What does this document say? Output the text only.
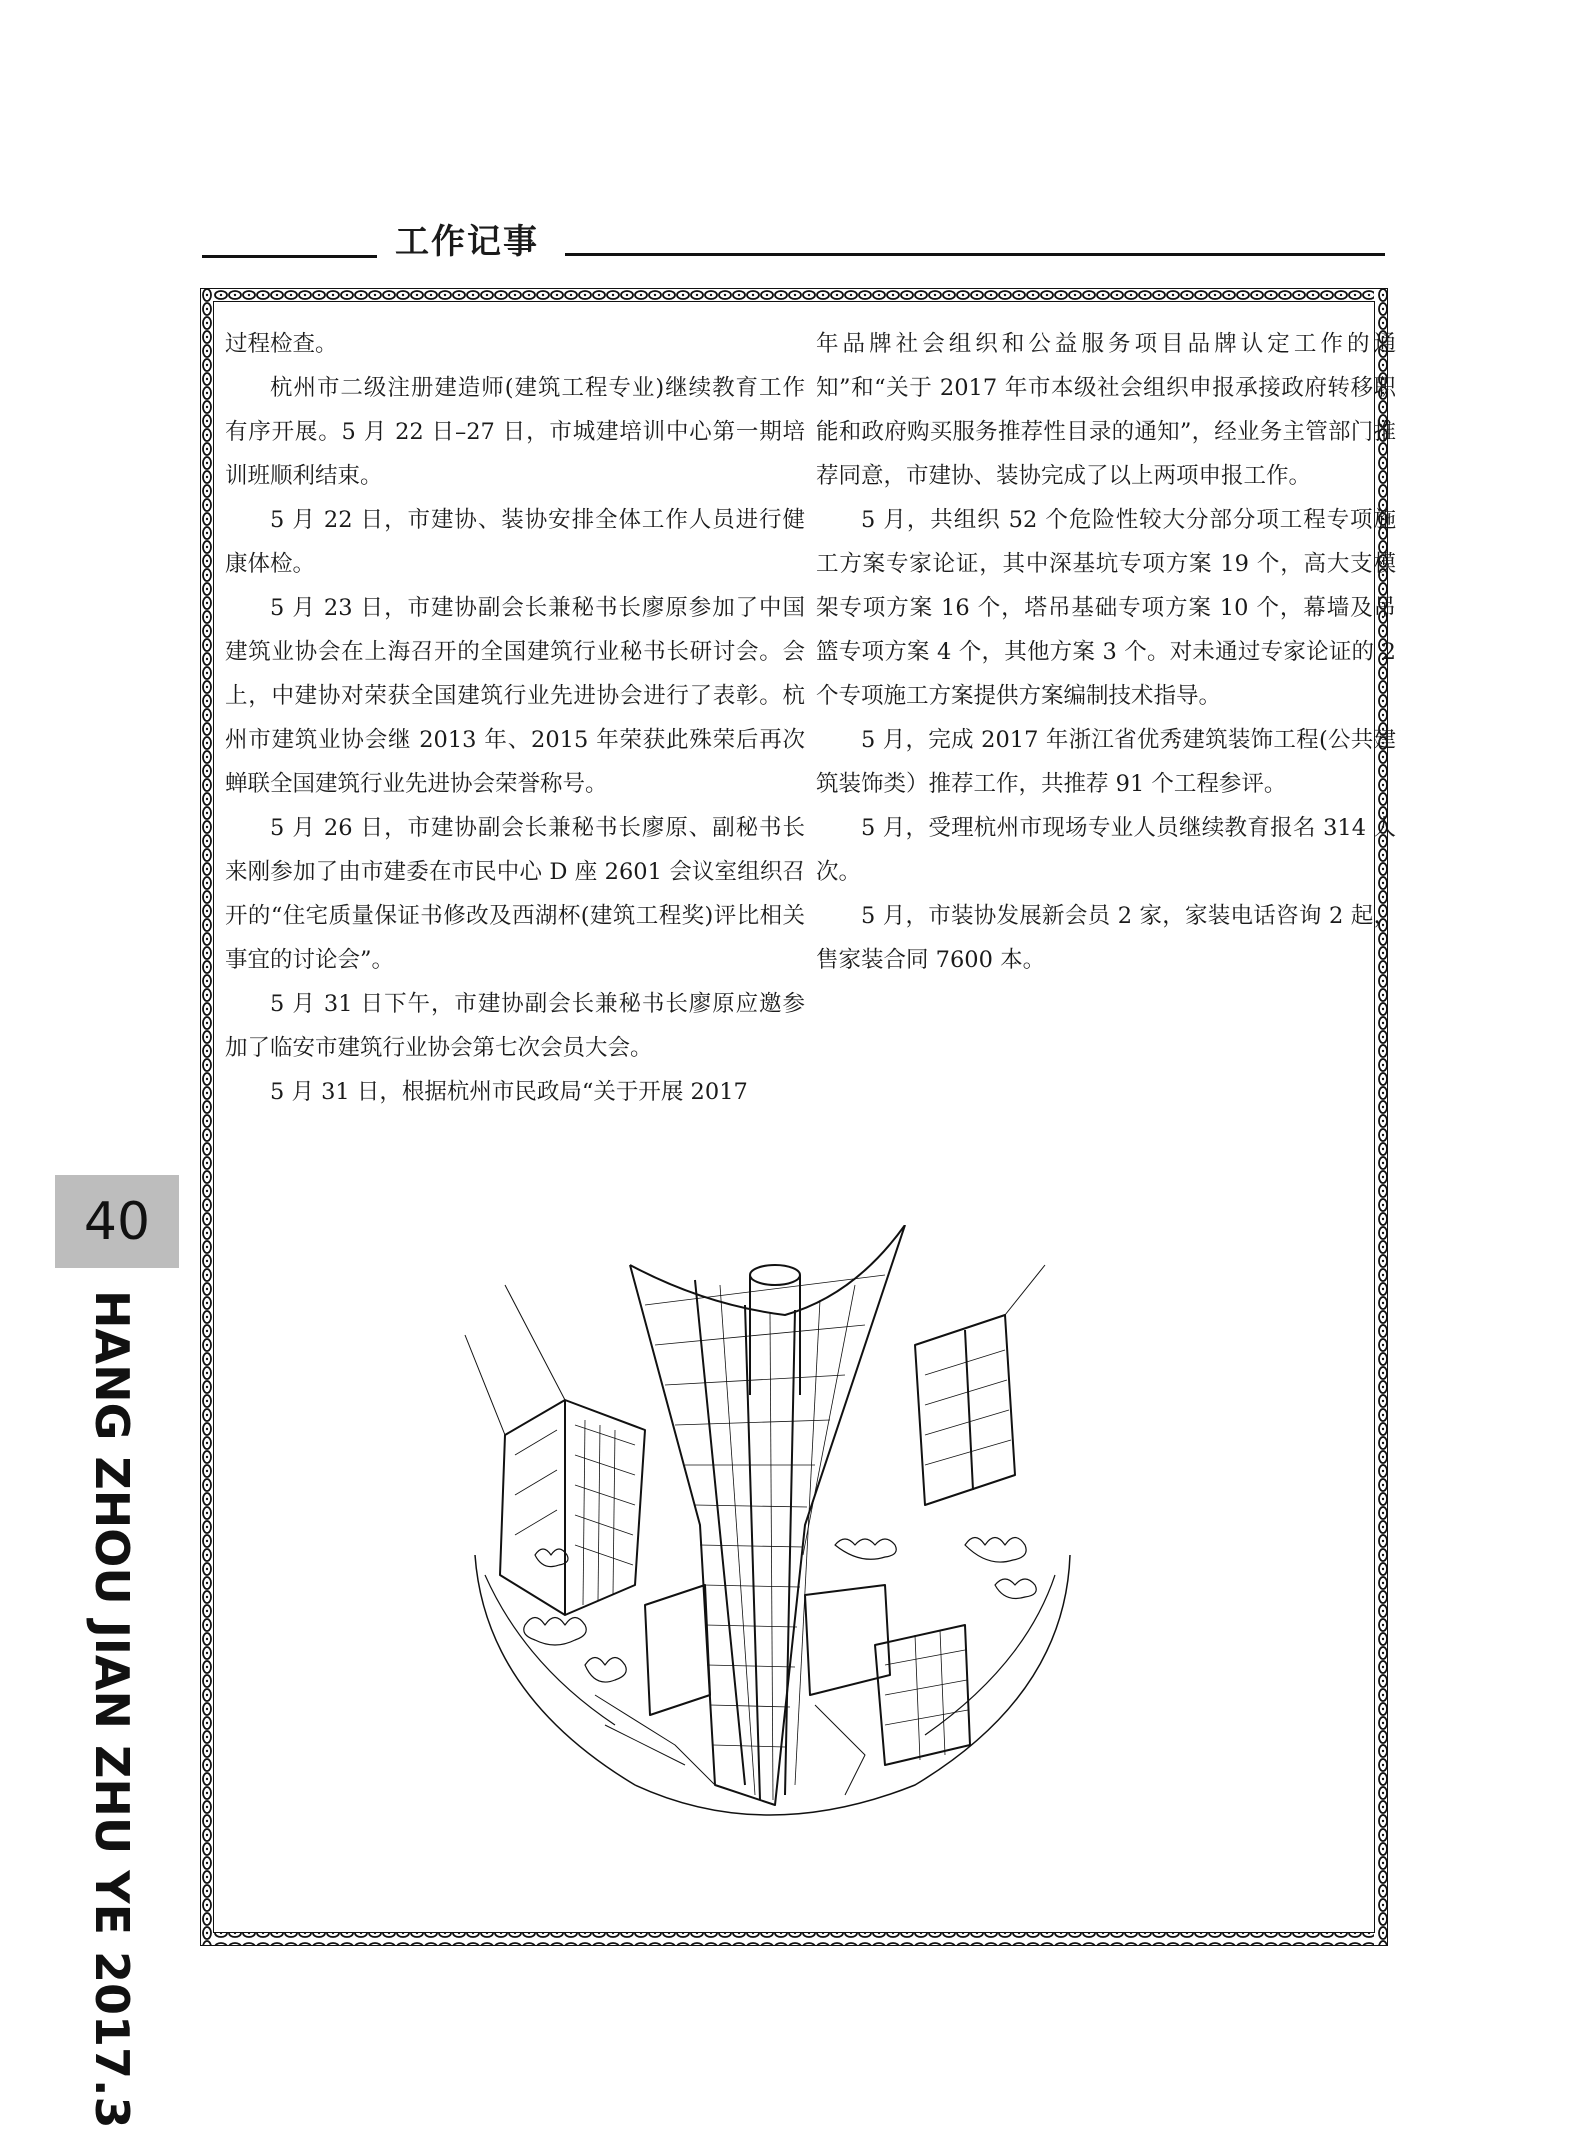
工作记事

过程检查。

杭州市二级注册建造师(建筑工程专业)继续教育工作有序开展。5 月 22 日–27 日，市城建培训中心第一期培训班顺利结束。

5 月 22 日，市建协、装协安排全体工作人员进行健康体检。

5 月 23 日，市建协副会长兼秘书长廖原参加了中国建筑业协会在上海召开的全国建筑行业秘书长研讨会。会上，中建协对荣获全国建筑行业先进协会进行了表彰。杭州市建筑业协会继 2013 年、2015 年荣获此殊荣后再次蝉联全国建筑行业先进协会荣誉称号。

5 月 26 日，市建协副会长兼秘书长廖原、副秘书长来刚参加了由市建委在市民中心 D 座 2601 会议室组织召开的“住宅质量保证书修改及西湖杯(建筑工程奖)评比相关事宜的讨论会”。

5 月 31 日下午，市建协副会长兼秘书长廖原应邀参加了临安市建筑行业协会第七次会员大会。

5 月 31 日，根据杭州市民政局“关于开展 2017

年品牌社会组织和公益服务项目品牌认定工作的通知”和“关于 2017 年市本级社会组织申报承接政府转移职能和政府购买服务推荐性目录的通知”，经业务主管部门推荐同意，市建协、装协完成了以上两项申报工作。

5 月，共组织 52 个危险性较大分部分项工程专项施工方案专家论证，其中深基坑专项方案 19 个，高大支模架专项方案 16 个，塔吊基础专项方案 10 个，幕墙及吊篮专项方案 4 个，其他方案 3 个。对未通过专家论证的 2 个专项施工方案提供方案编制技术指导。

5 月，完成 2017 年浙江省优秀建筑装饰工程(公共建筑装饰类）推荐工作，共推荐 91 个工程参评。

5 月，受理杭州市现场专业人员继续教育报名 314 人次。

5 月，市装协发展新会员 2 家，家装电话咨询 2 起，售家装合同 7600 本。

40
HANG ZHOU JIAN ZHU YE 2017.3
